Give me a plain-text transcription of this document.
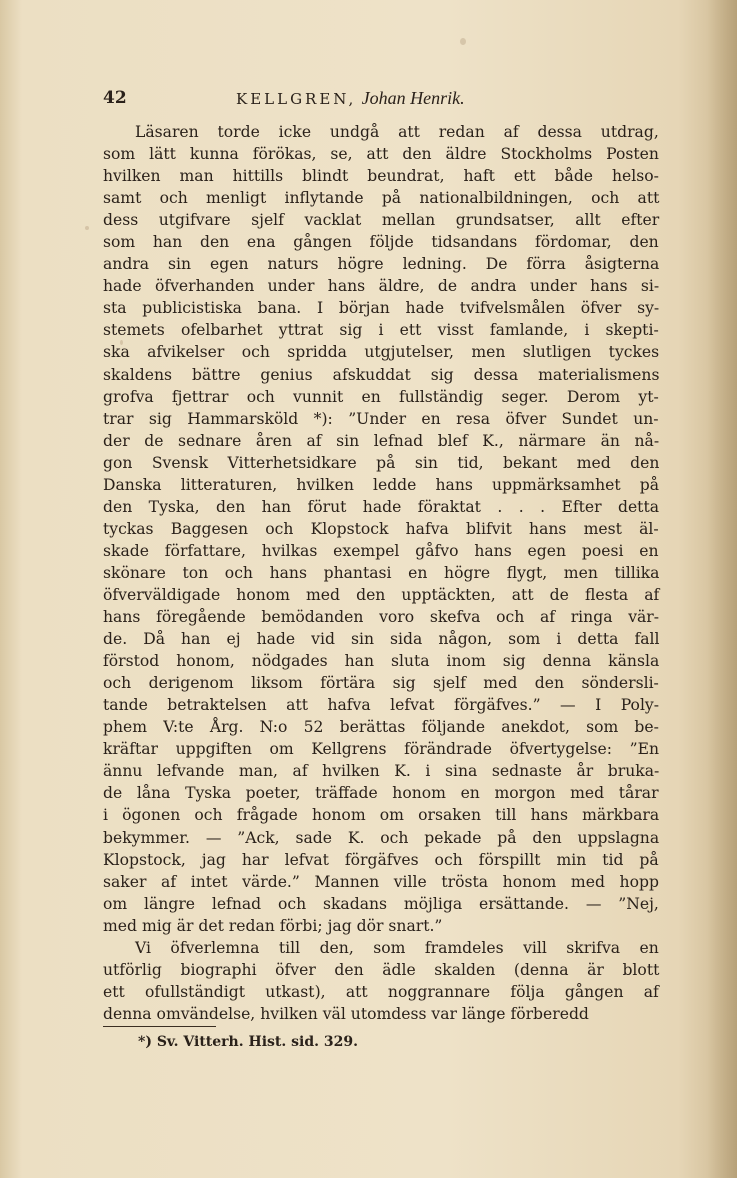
42	KELLGREN, Johan Henrik.
Läsaren torde icke undgå att redan af dessa utdrag,
som lätt kunna förökas, se, att den äldre Stockholms Posten
hvilken man hittills blindt beundrat, haft ett både helso-
samt och menligt inflytande på nationalbildningen, och att
dess utgifvare sjelf vacklat mellan grundsatser, allt efter
som han den ena gången följde tidsandans fördomar, den
andra sin egen naturs högre ledning. De förra åsigterna
hade öfverhanden under hans äldre, de andra under hans si-
sta publicistiska bana. I början hade tvifvelsmålen öfver sy-
stemets ofelbarhet yttrat sig i ett visst famlande, i skepti-
ska afvikelser och spridda utgjutelser, men slutligen tyckes
skaldens bättre genius afskuddat sig dessa materialismens
grofva fjettrar och vunnit en fullständig seger. Derom yt-
trar sig Hammarsköld *): ”Under en resa öfver Sundet un-
der de sednare åren af sin lefnad blef K., närmare än nå-
gon Svensk Vitterhetsidkare på sin tid, bekant med den
Danska litteraturen, hvilken ledde hans uppmärksamhet på
den Tyska, den han förut hade föraktat . . . Efter detta
tyckas Baggesen och Klopstock hafva blifvit hans mest äl-
skade författare, hvilkas exempel gåfvo hans egen poesi en
skönare ton och hans phantasi en högre flygt, men tillika
öfverväldigade honom med den upptäckten, att de flesta af
hans föregående bemödanden voro skefva och af ringa vär-
de. Då han ej hade vid sin sida någon, som i detta fall
förstod honom, nödgades han sluta inom sig denna känsla
och derigenom liksom förtära sig sjelf med den söndersli-
tande betraktelsen att hafva lefvat förgäfves.” — I Poly-
phem V:te Årg. N:o 52 berättas följande anekdot, som be-
kräftar uppgiften om Kellgrens förändrade öfvertygelse: ”En
ännu lefvande man, af hvilken K. i sina sednaste år bruka-
de låna Tyska poeter, träffade honom en morgon med tårar
i ögonen och frågade honom om orsaken till hans märkbara
bekymmer. — ”Ack, sade K. och pekade på den uppslagna
Klopstock, jag har lefvat förgäfves och förspillt min tid på
saker af intet värde.” Mannen ville trösta honom med hopp
om längre lefnad och skadans möjliga ersättande. — ”Nej,
med mig är det redan förbi; jag dör snart.”
Vi öfverlemna till den, som framdeles vill skrifva en
utförlig biographi öfver den ädle skalden (denna är blott
ett ofullständigt utkast), att noggrannare följa gången af
denna omvändelse, hvilken väl utomdess var länge förberedd
*) Sv. Vitterh. Hist. sid. 329.
